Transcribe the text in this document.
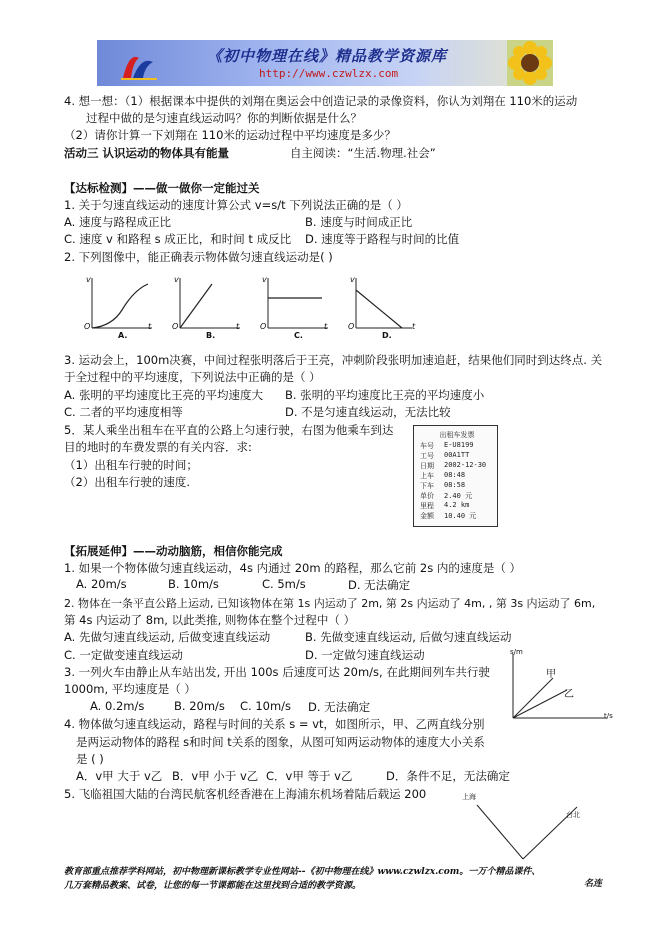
《初中物理在线》精品教学资源库
http://www.czwlzx.com
4. 想一想：（1）根据课本中提供的刘翔在奥运会中创造记录的录像资料，你认为刘翔在 110米的运动
过程中做的是匀速直线运动吗？你的判断依据是什么？
（2）请你计算一下刘翔在 110米的运动过程中平均速度是多少？
活动三 认识运动的物体具有能量	自主阅读：“生活.物理.社会”
【达标检测】——做一做你一定能过关
1. 关于匀速直线运动的速度计算公式 v=s/t 下列说法正确的是（ ）
A. 速度与路程成正比	B. 速度与时间成正比
C. 速度 v 和路程 s 成正比，和时间 t 成反比 D. 速度等于路程与时间的比值
2. 下列图像中，能正确表示物体做匀速直线运动是( )
v	v	v	v
O	O	O	O
t	t	t	t
A.	B.	C.	D.
3. 运动会上，100m决赛，中间过程张明落后于王亮，冲刺阶段张明加速追赶，结果他们同时到达终点. 关
于全过程中的平均速度，下列说法中正确的是（ ）
A. 张明的平均速度比王亮的平均速度大 B. 张明的平均速度比王亮的平均速度小
C. 二者的平均速度相等	D. 不是匀速直线运动，无法比较
5．某人乘坐出租车在平直的公路上匀速行驶，右图为他乘车到达
目的地时的车费发票的有关内容．求:
（1）出租车行驶的时间；
（2）出租车行驶的速度.
出租车发票
车号 E-U8199
工号 00A1TT
日期 2002-12-30
上车 08:48
下车 08:58
单价 2.40 元
里程 4.2 km
金额 10.40 元
【拓展延伸】——动动脑筋，相信你能完成
1. 如果一个物体做匀速直线运动，4s 内通过 20m 的路程，那么它前 2s 内的速度是（ ）
A. 20m/s	B. 10m/s	C. 5m/s	D. 无法确定
2. 物体在一条平直公路上运动, 已知该物体在第 1s 内运动了 2m, 第 2s 内运动了 4m, , 第 3s 内运动了 6m,
第 4s 内运动了 8m, 以此类推, 则物体在整个过程中（ ）
A. 先做匀速直线运动, 后做变速直线运动	B. 先做变速直线运动, 后做匀速直线运动
C. 一定做变速直线运动	D. 一定做匀速直线运动
3. 一列火车由静止从车站出发, 开出 100s 后速度可达 20m/s, 在此期间列车共行驶
1000m, 平均速度是（ ）
A. 0.2m/s	B. 20m/s C. 10m/s D. 无法确定
4. 物体做匀速直线运动，路程与时间的关系 s = vt，如图所示，甲、乙两直线分别
是两运动物体的路程 s和时间 t关系的图象，从图可知两运动物体的速度大小关系
是 ( )
A．v甲 大于 v乙 B．v甲 小于 v乙 C．v甲 等于 v乙	D．条件不足，无法确定
5. 飞临祖国大陆的台湾民航客机经香港在上海浦东机场着陆后载运 200
s/m
t/s
甲
乙
上海
台北
教育部重点推荐学科网站，初中物理新课标教学专业性网站--《初中物理在线》www.czwlzx.com。一万个精品课件、
几万套精品教案、试卷，让您的每一节课都能在这里找到合适的教学资源。	名连
